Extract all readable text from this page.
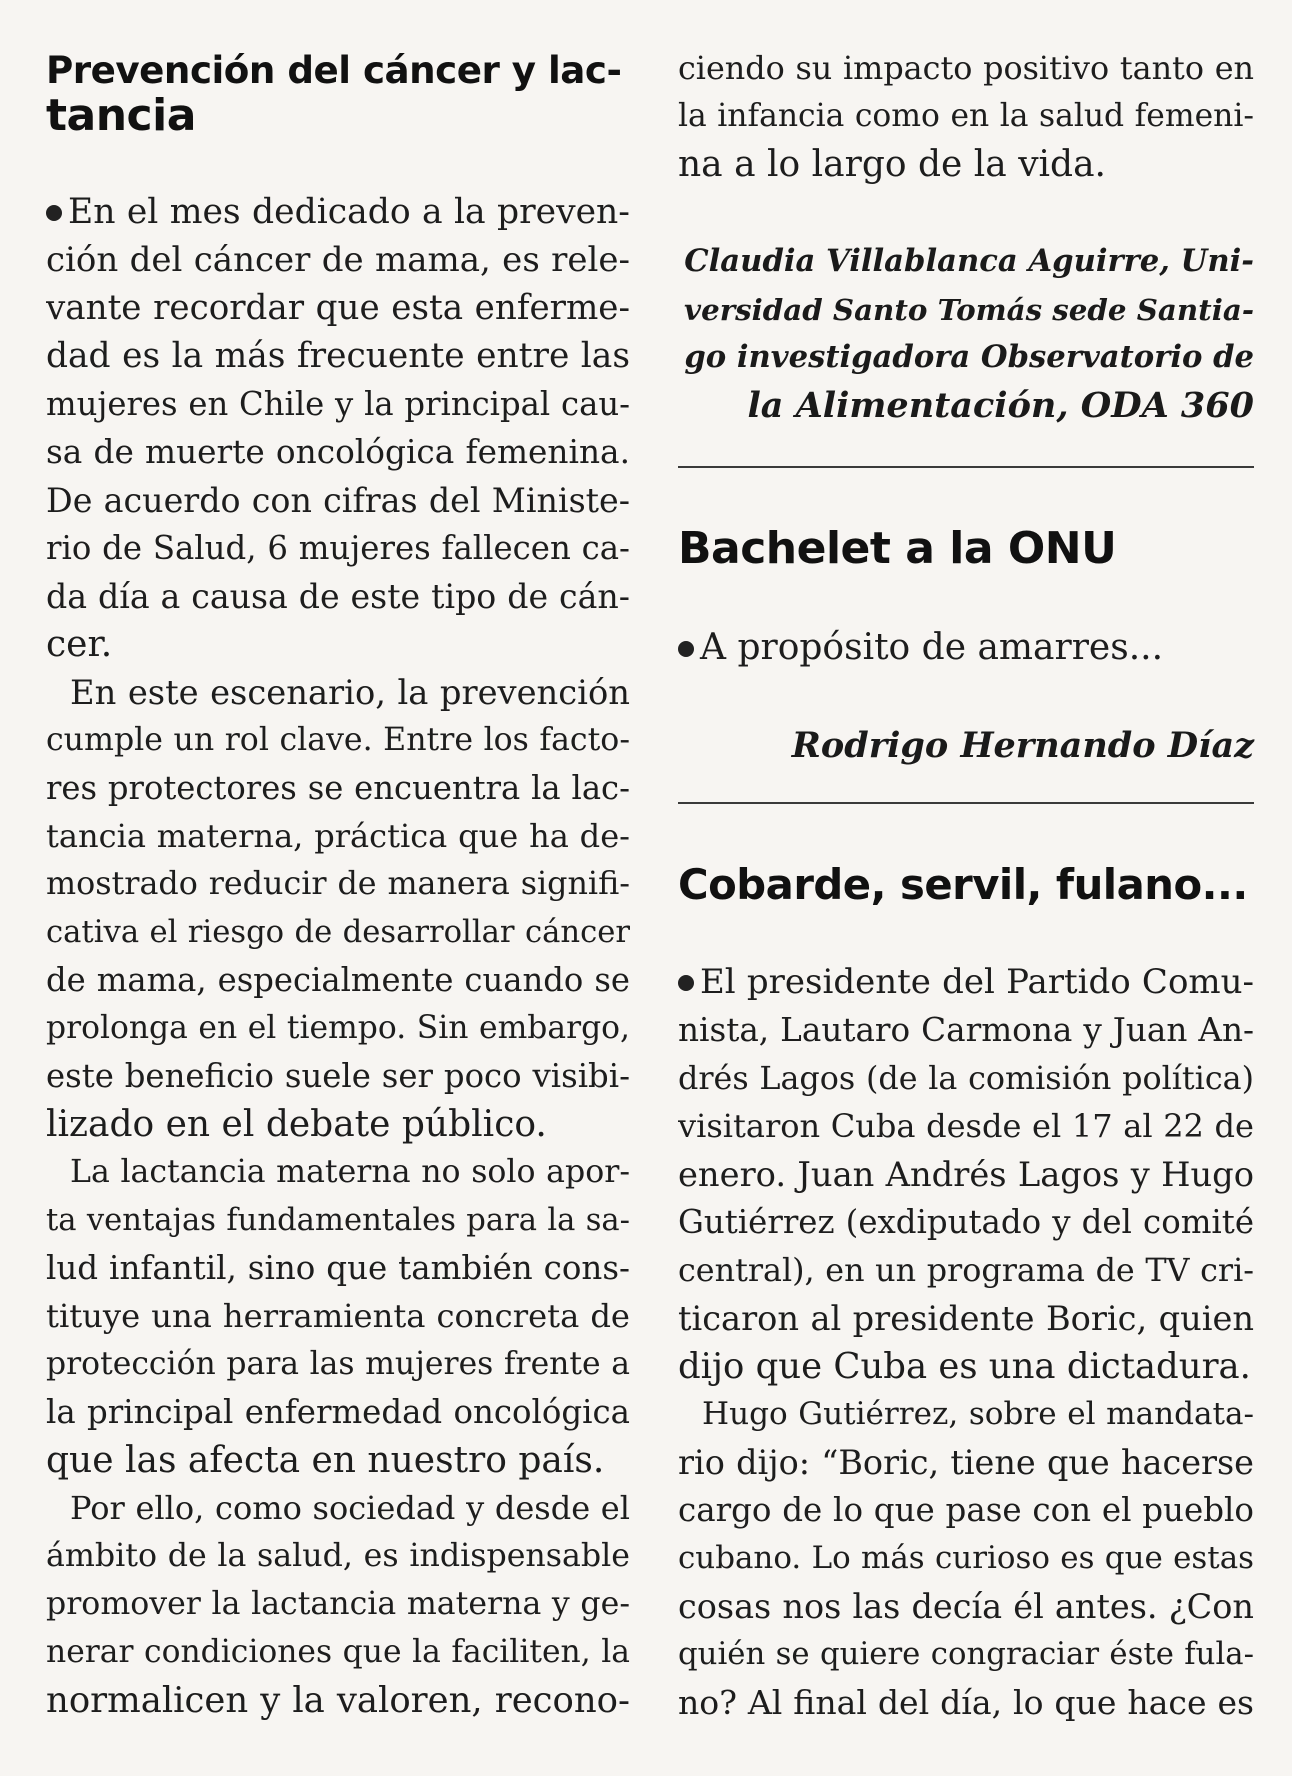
Prevención del cáncer y lac-
tancia
En el mes dedicado a la preven-
ción del cáncer de mama, es rele-
vante recordar que esta enferme-
dad es la más frecuente entre las
mujeres en Chile y la principal cau-
sa de muerte oncológica femenina.
De acuerdo con cifras del Ministe-
rio de Salud, 6 mujeres fallecen ca-
da día a causa de este tipo de cán-
cer.
En este escenario, la prevención
cumple un rol clave. Entre los facto-
res protectores se encuentra la lac-
tancia materna, práctica que ha de-
mostrado reducir de manera signifi-
cativa el riesgo de desarrollar cáncer
de mama, especialmente cuando se
prolonga en el tiempo. Sin embargo,
este beneficio suele ser poco visibi-
lizado en el debate público.
La lactancia materna no solo apor-
ta ventajas fundamentales para la sa-
lud infantil, sino que también cons-
tituye una herramienta concreta de
protección para las mujeres frente a
la principal enfermedad oncológica
que las afecta en nuestro país.
Por ello, como sociedad y desde el
ámbito de la salud, es indispensable
promover la lactancia materna y ge-
nerar condiciones que la faciliten, la
normalicen y la valoren, recono-
ciendo su impacto positivo tanto en
la infancia como en la salud femeni-
na a lo largo de la vida.
Claudia Villablanca Aguirre, Uni-
versidad Santo Tomás sede Santia-
go investigadora Observatorio de
la Alimentación, ODA 360
Bachelet a la ONU
A propósito de amarres...
Rodrigo Hernando Díaz
Cobarde, servil, fulano...
El presidente del Partido Comu-
nista, Lautaro Carmona y Juan An-
drés Lagos (de la comisión política)
visitaron Cuba desde el 17 al 22 de
enero. Juan Andrés Lagos y Hugo
Gutiérrez (exdiputado y del comité
central), en un programa de TV cri-
ticaron al presidente Boric, quien
dijo que Cuba es una dictadura.
Hugo Gutiérrez, sobre el mandata-
rio dijo: “Boric, tiene que hacerse
cargo de lo que pase con el pueblo
cubano. Lo más curioso es que estas
cosas nos las decía él antes. ¿Con
quién se quiere congraciar éste fula-
no? Al final del día, lo que hace es
